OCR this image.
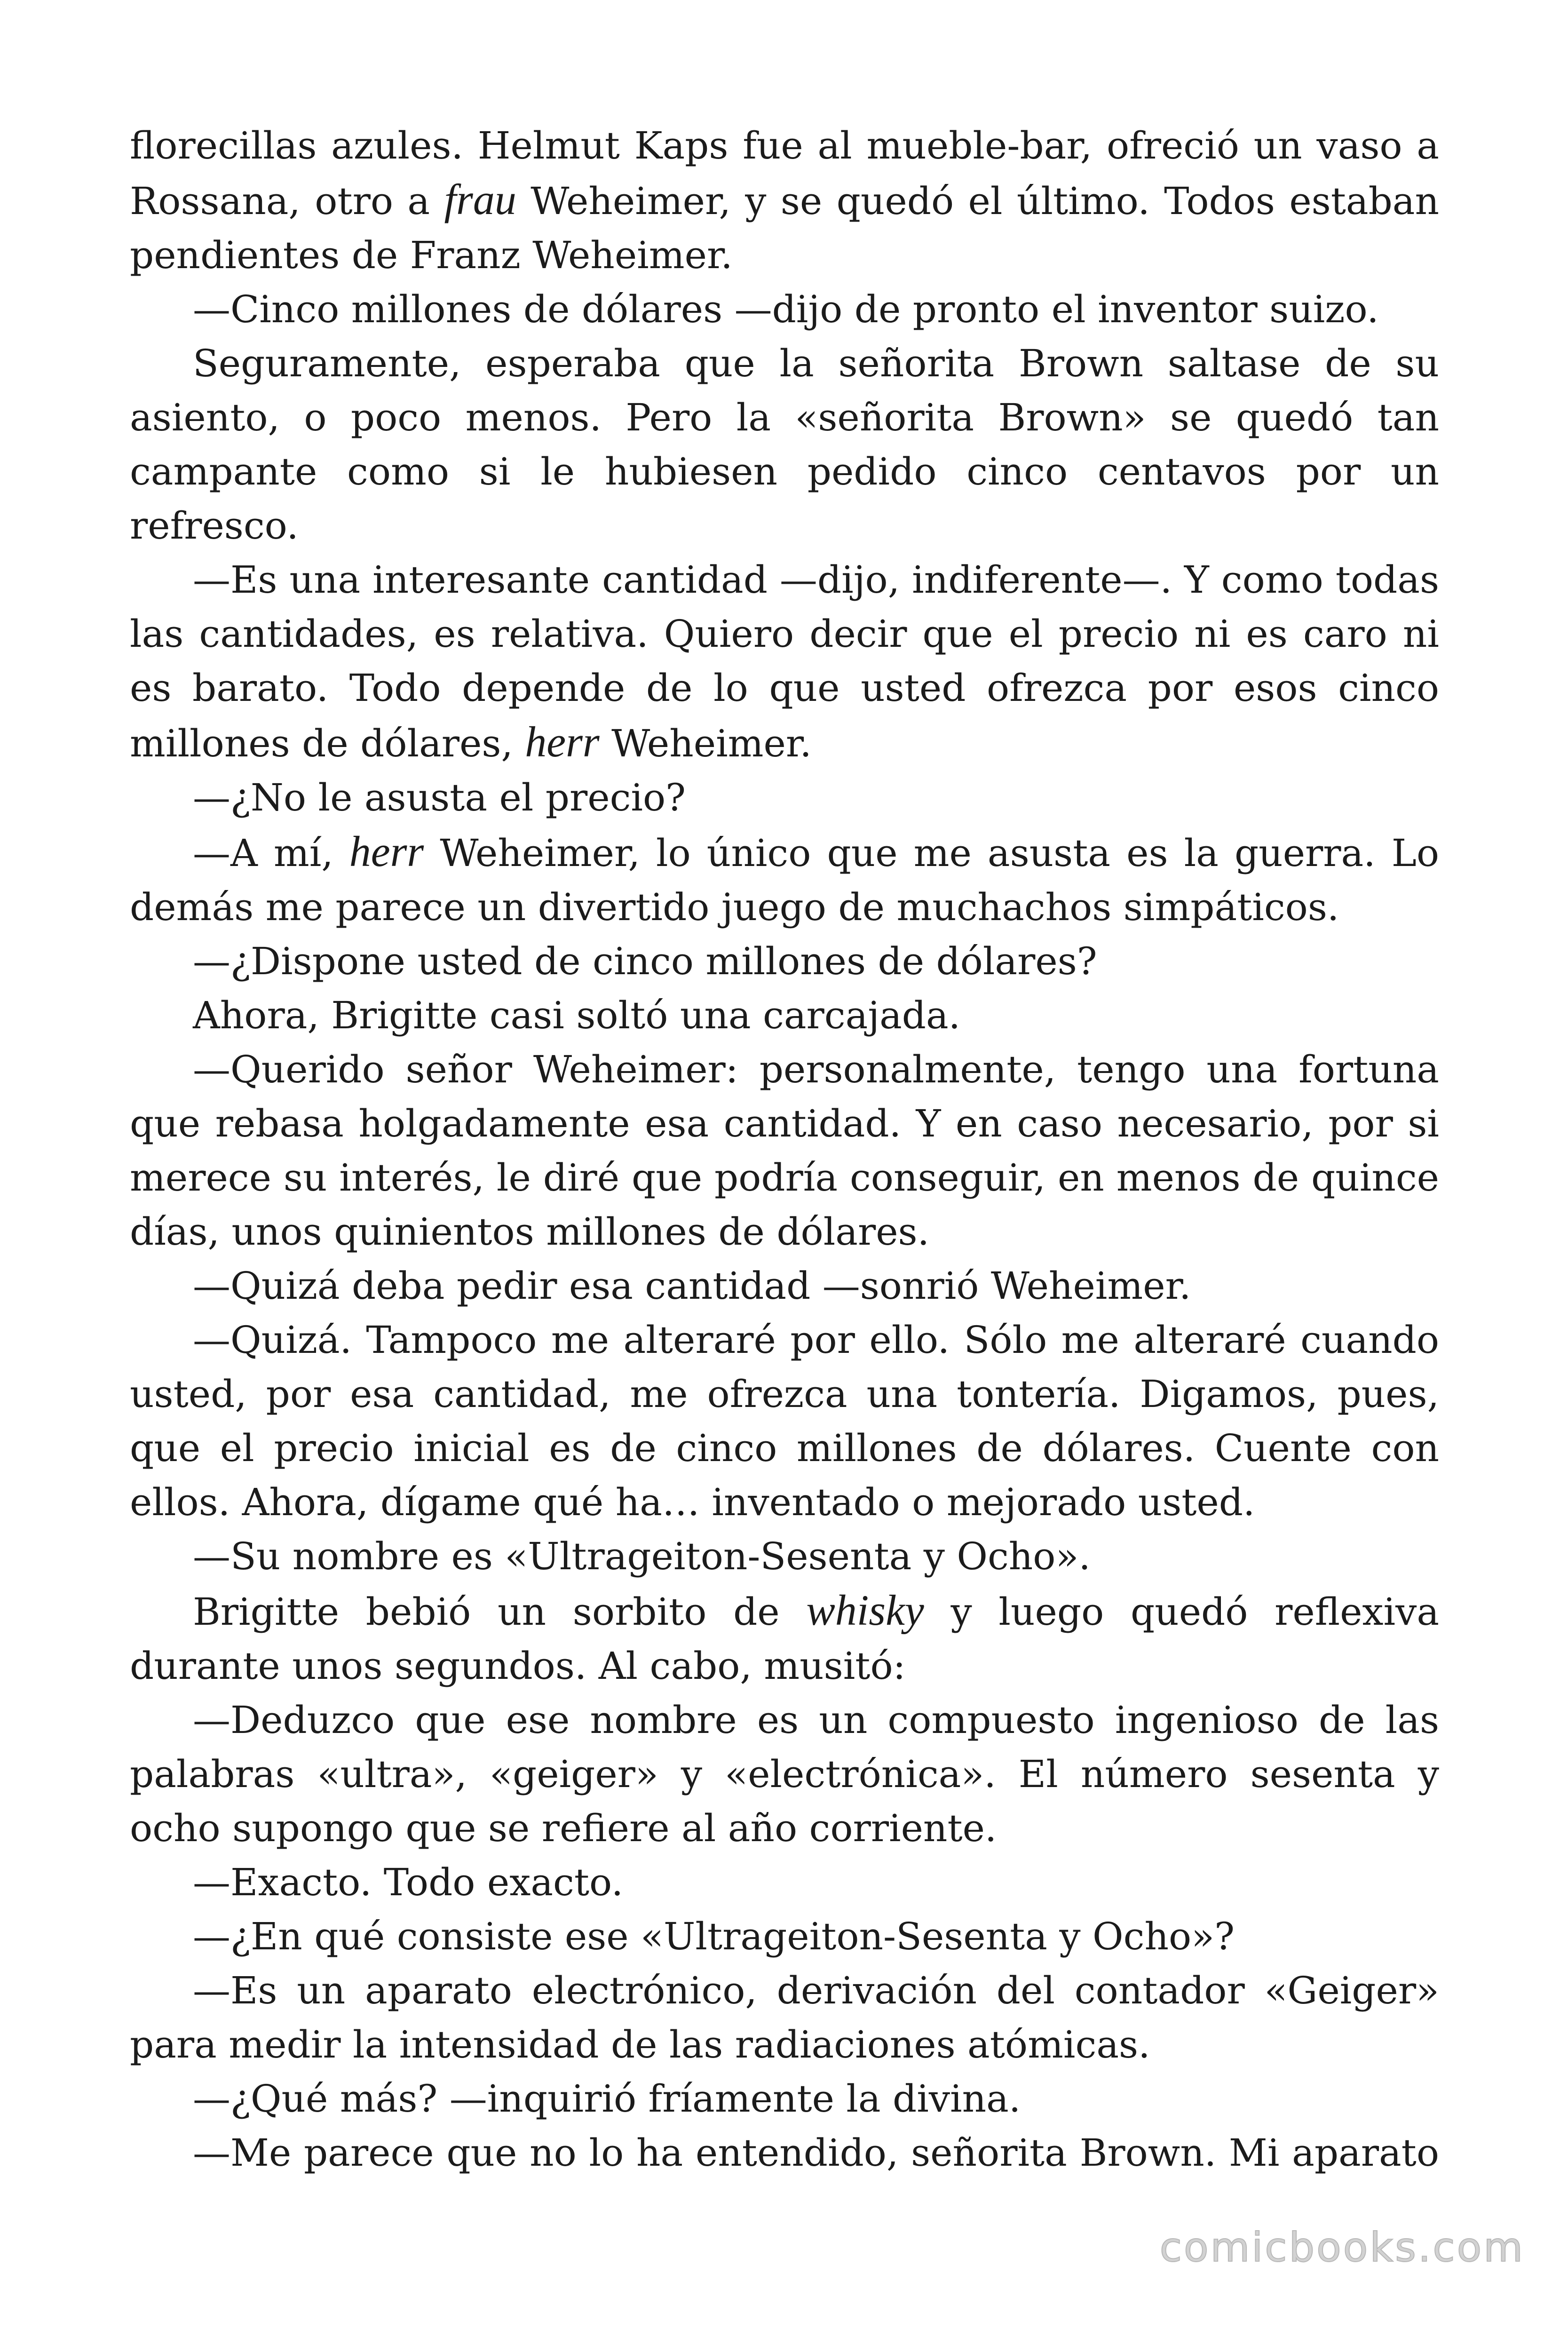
florecillas azules. Helmut Kaps fue al mueble-bar, ofreció un vaso a Rossana, otro a frau Weheimer, y se quedó el último. Todos estaban pendientes de Franz Weheimer.

—Cinco millones de dólares —dijo de pronto el inventor suizo.

Seguramente, esperaba que la señorita Brown saltase de su asiento, o poco menos. Pero la «señorita Brown» se quedó tan campante como si le hubiesen pedido cinco centavos por un refresco.

—Es una interesante cantidad —dijo, indiferente—. Y como todas las cantidades, es relativa. Quiero decir que el precio ni es caro ni es barato. Todo depende de lo que usted ofrezca por esos cinco millones de dólares, herr Weheimer.

—¿No le asusta el precio?

—A mí, herr Weheimer, lo único que me asusta es la guerra. Lo demás me parece un divertido juego de muchachos simpáticos.

—¿Dispone usted de cinco millones de dólares?

Ahora, Brigitte casi soltó una carcajada.

—Querido señor Weheimer: personalmente, tengo una fortuna que rebasa holgadamente esa cantidad. Y en caso necesario, por si merece su interés, le diré que podría conseguir, en menos de quince días, unos quinientos millones de dólares.

—Quizá deba pedir esa cantidad —sonrió Weheimer.

—Quizá. Tampoco me alteraré por ello. Sólo me alteraré cuando usted, por esa cantidad, me ofrezca una tontería. Digamos, pues, que el precio inicial es de cinco millones de dólares. Cuente con ellos. Ahora, dígame qué ha… inventado o mejorado usted.

—Su nombre es «Ultrageiton-Sesenta y Ocho».

Brigitte bebió un sorbito de whisky y luego quedó reflexiva durante unos segundos. Al cabo, musitó:

—Deduzco que ese nombre es un compuesto ingenioso de las palabras «ultra», «geiger» y «electrónica». El número sesenta y ocho supongo que se refiere al año corriente.

—Exacto. Todo exacto.

—¿En qué consiste ese «Ultrageiton-Sesenta y Ocho»?

—Es un aparato electrónico, derivación del contador «Geiger» para medir la intensidad de las radiaciones atómicas.

—¿Qué más? —inquirió fríamente la divina.

—Me parece que no lo ha entendido, señorita Brown. Mi aparato

comicbooks.com
